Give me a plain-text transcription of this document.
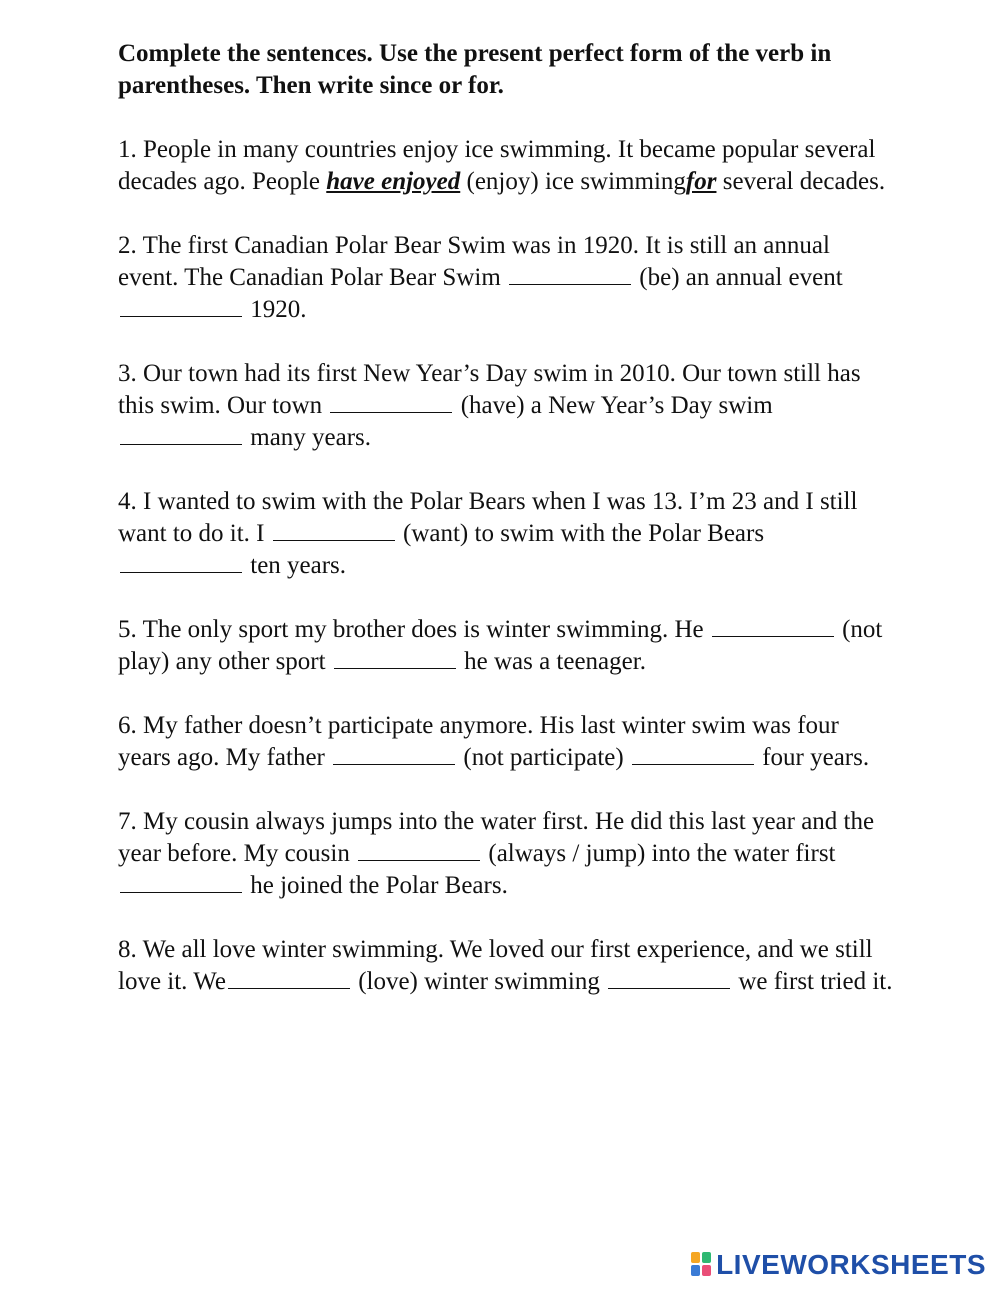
Complete the sentences. Use the present perfect form of the verb in parentheses. Then write since or for.

1. People in many countries enjoy ice swimming. It became popular several decades ago. People have enjoyed (enjoy) ice swimmingfor several decades.

2. The first Canadian Polar Bear Swim was in 1920. It is still an annual event. The Canadian Polar Bear Swim	(be) an annual event  1920.

3. Our town had its first New Year’s Day swim in 2010. Our town still has this swim. Our town	(have) a New Year’s Day swim  many years.

4. I wanted to swim with the Polar Bears when I was 13. I’m 23 and I still want to do it. I	(want) to swim with the Polar Bears  ten years.

5. The only sport my brother does is winter swimming. He	(not play) any other sport	he was a teenager.

6. My father doesn’t participate anymore. His last winter swim was four years ago. My father	(not participate)	four years.

7. My cousin always jumps into the water first. He did this last year and the year before. My cousin	(always / jump) into the water first  he joined the Polar Bears.

8. We all love winter swimming. We loved our first experience, and we still love it. We	(love) winter swimming	we first tried it.

LIVEWORKSHEETS
